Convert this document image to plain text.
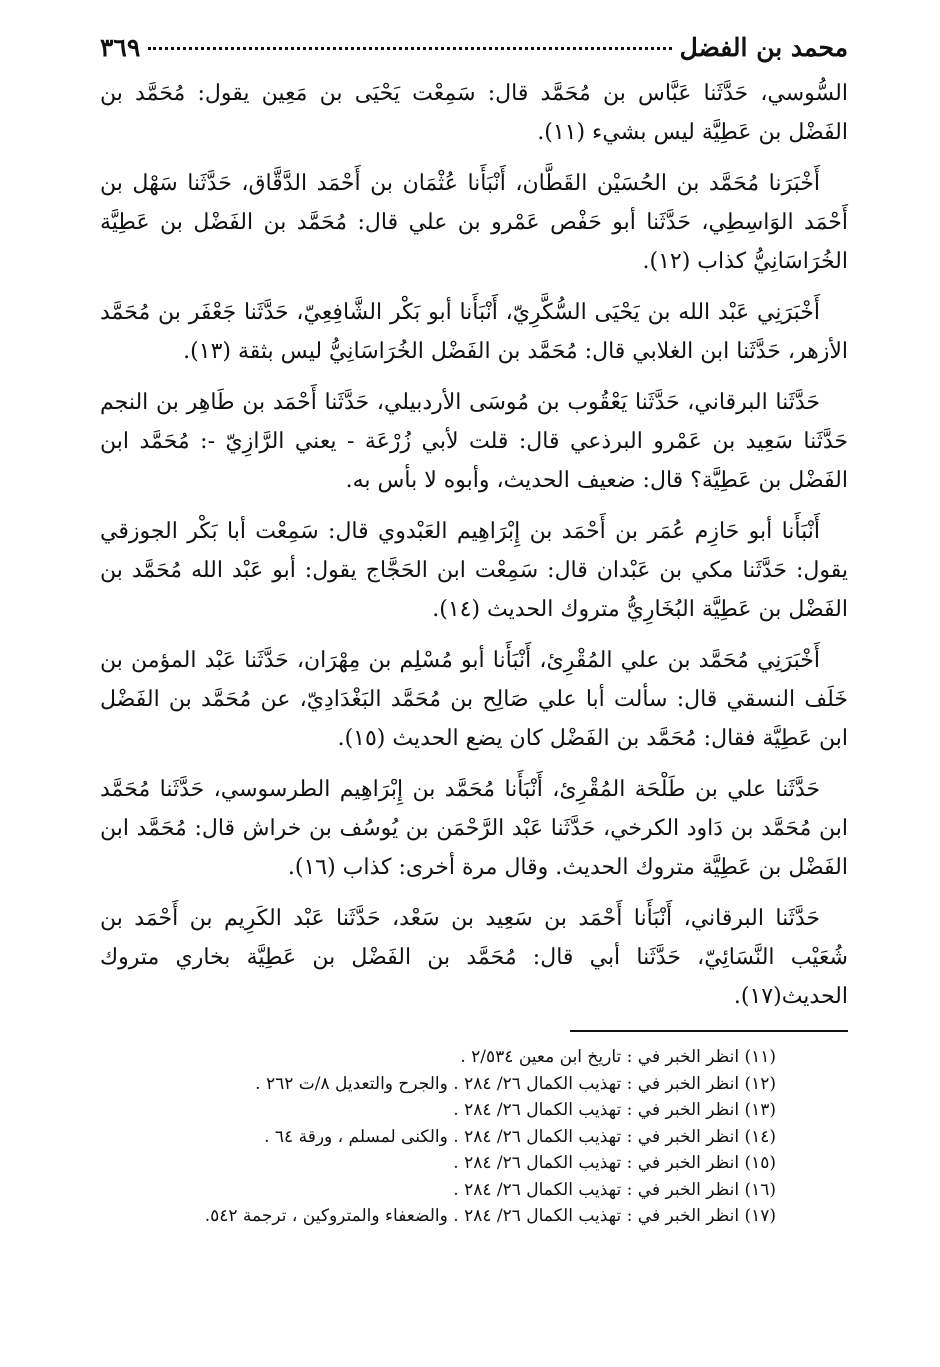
محمد بن الفضل
٣٦٩

السُّوسي، حَدَّثَنا عَبَّاس بن مُحَمَّد قال: سَمِعْت يَحْيَى بن مَعِين يقول: مُحَمَّد بن الفَضْل بن عَطِيَّة ليس بشيء (١١).

أَخْبَرَنا مُحَمَّد بن الحُسَيْن القَطَّان، أَنْبَأَنا عُثْمَان بن أَحْمَد الدَّقَّاق، حَدَّثَنا سَهْل بن أَحْمَد الوَاسِطِي، حَدَّثَنا أبو حَفْص عَمْرو بن علي قال: مُحَمَّد بن الفَضْل بن عَطِيَّة الخُرَاسَانِيُّ كذاب (١٢).

أَخْبَرَنِي عَبْد الله بن يَحْيَى السُّكَّرِيّ، أَنْبَأَنا أبو بَكْر الشَّافِعِيّ، حَدَّثَنا جَعْفَر بن مُحَمَّد الأزهر، حَدَّثَنا ابن الغلابي قال: مُحَمَّد بن الفَضْل الخُرَاسَانِيُّ ليس بثقة (١٣).

حَدَّثَنا البرقاني، حَدَّثَنا يَعْقُوب بن مُوسَى الأردبيلي، حَدَّثَنا أَحْمَد بن طَاهِر بن النجم حَدَّثَنا سَعِيد بن عَمْرو البرذعي قال: قلت لأبي زُرْعَة - يعني الرَّازِيّ -: مُحَمَّد ابن الفَضْل بن عَطِيَّة؟ قال: ضعيف الحديث، وأبوه لا بأس به.

أَنْبَأَنا أبو حَازِم عُمَر بن أَحْمَد بن إِبْرَاهِيم العَبْدوي قال: سَمِعْت أبا بَكْر الجوزقي يقول: حَدَّثَنا مكي بن عَبْدان قال: سَمِعْت ابن الحَجَّاج يقول: أبو عَبْد الله مُحَمَّد بن الفَضْل بن عَطِيَّة البُخَارِيُّ متروك الحديث (١٤).

أَخْبَرَنِي مُحَمَّد بن علي المُقْرِئ، أَنْبَأَنا أبو مُسْلِم بن مِهْرَان، حَدَّثَنا عَبْد المؤمن بن خَلَف النسقي قال: سألت أبا علي صَالِح بن مُحَمَّد البَغْدَادِيّ، عن مُحَمَّد بن الفَضْل ابن عَطِيَّة فقال: مُحَمَّد بن الفَضْل كان يضع الحديث (١٥).

حَدَّثَنا علي بن طَلْحَة المُقْرِئ، أَنْبَأَنا مُحَمَّد بن إِبْرَاهِيم الطرسوسي، حَدَّثَنا مُحَمَّد ابن مُحَمَّد بن دَاود الكرخي، حَدَّثَنا عَبْد الرَّحْمَن بن يُوسُف بن خراش قال: مُحَمَّد ابن الفَضْل بن عَطِيَّة متروك الحديث. وقال مرة أخرى: كذاب (١٦).

حَدَّثَنا البرقاني، أَنْبَأَنا أَحْمَد بن سَعِيد بن سَعْد، حَدَّثَنا عَبْد الكَرِيم بن أَحْمَد بن شُعَيْب النَّسَائِيّ، حَدَّثَنا أبي قال: مُحَمَّد بن الفَضْل بن عَطِيَّة بخاري متروك الحديث(١٧).

(١١) انظر الخبر في : تاريخ ابن معين ٢/٥٣٤ .
(١٢) انظر الخبر في : تهذيب الكمال ٢٦/ ٢٨٤ . والجرح والتعديل ٨/ت ٢٦٢ .
(١٣) انظر الخبر في : تهذيب الكمال ٢٦/ ٢٨٤ .
(١٤) انظر الخبر في : تهذيب الكمال ٢٦/ ٢٨٤ . والكنى لمسلم ، ورقة ٦٤ .
(١٥) انظر الخبر في : تهذيب الكمال ٢٦/ ٢٨٤ .
(١٦) انظر الخبر في : تهذيب الكمال ٢٦/ ٢٨٤ .
(١٧) انظر الخبر في : تهذيب الكمال ٢٦/ ٢٨٤ . والضعفاء والمتروكين ، ترجمة ٥٤٢.
